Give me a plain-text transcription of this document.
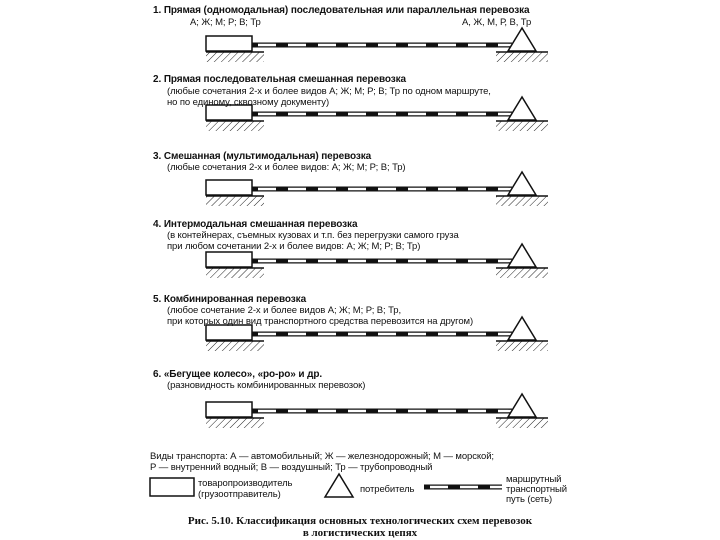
1. Прямая (одномодальная) последовательная или параллельная перевозка
А; Ж; М; Р; В; Тр	А, Ж, М, Р, В, Тр
2. Прямая последовательная смешанная перевозка
(любые сочетания 2-х и более видов А; Ж; М; Р; В; Тр по одном маршруте,
но по единому, сквозному документу)
3. Смешанная (мультимодальная) перевозка
(любые сочетания 2-х и более видов: А; Ж; М; Р; В; Тр)
4. Интермодальная смешанная перевозка
(в контейнерах, съемных кузовах и т.п. без перегрузки самого груза
при любом сочетании 2-х и более видов: А; Ж; М; Р; В; Тр)
5. Комбинированная перевозка
(любое сочетание 2-х и более видов А; Ж; М; Р; В; Тр,
при которых один вид транспортного средства перевозится на другом)
6. «Бегущее колесо», «ро-ро» и др.
(разновидность комбинированных перевозок)
Виды транспорта: А — автомобильный; Ж — железнодорожный; М — морской;
Р — внутренний водный; В — воздушный; Тр — трубопроводный
товаропроизводитель
(грузоотправитель)	потребитель
маршрутный
транспортный
путь (сеть)
Рис. 5.10. Классификация основных технологических схем перевозок
в логистических цепях
